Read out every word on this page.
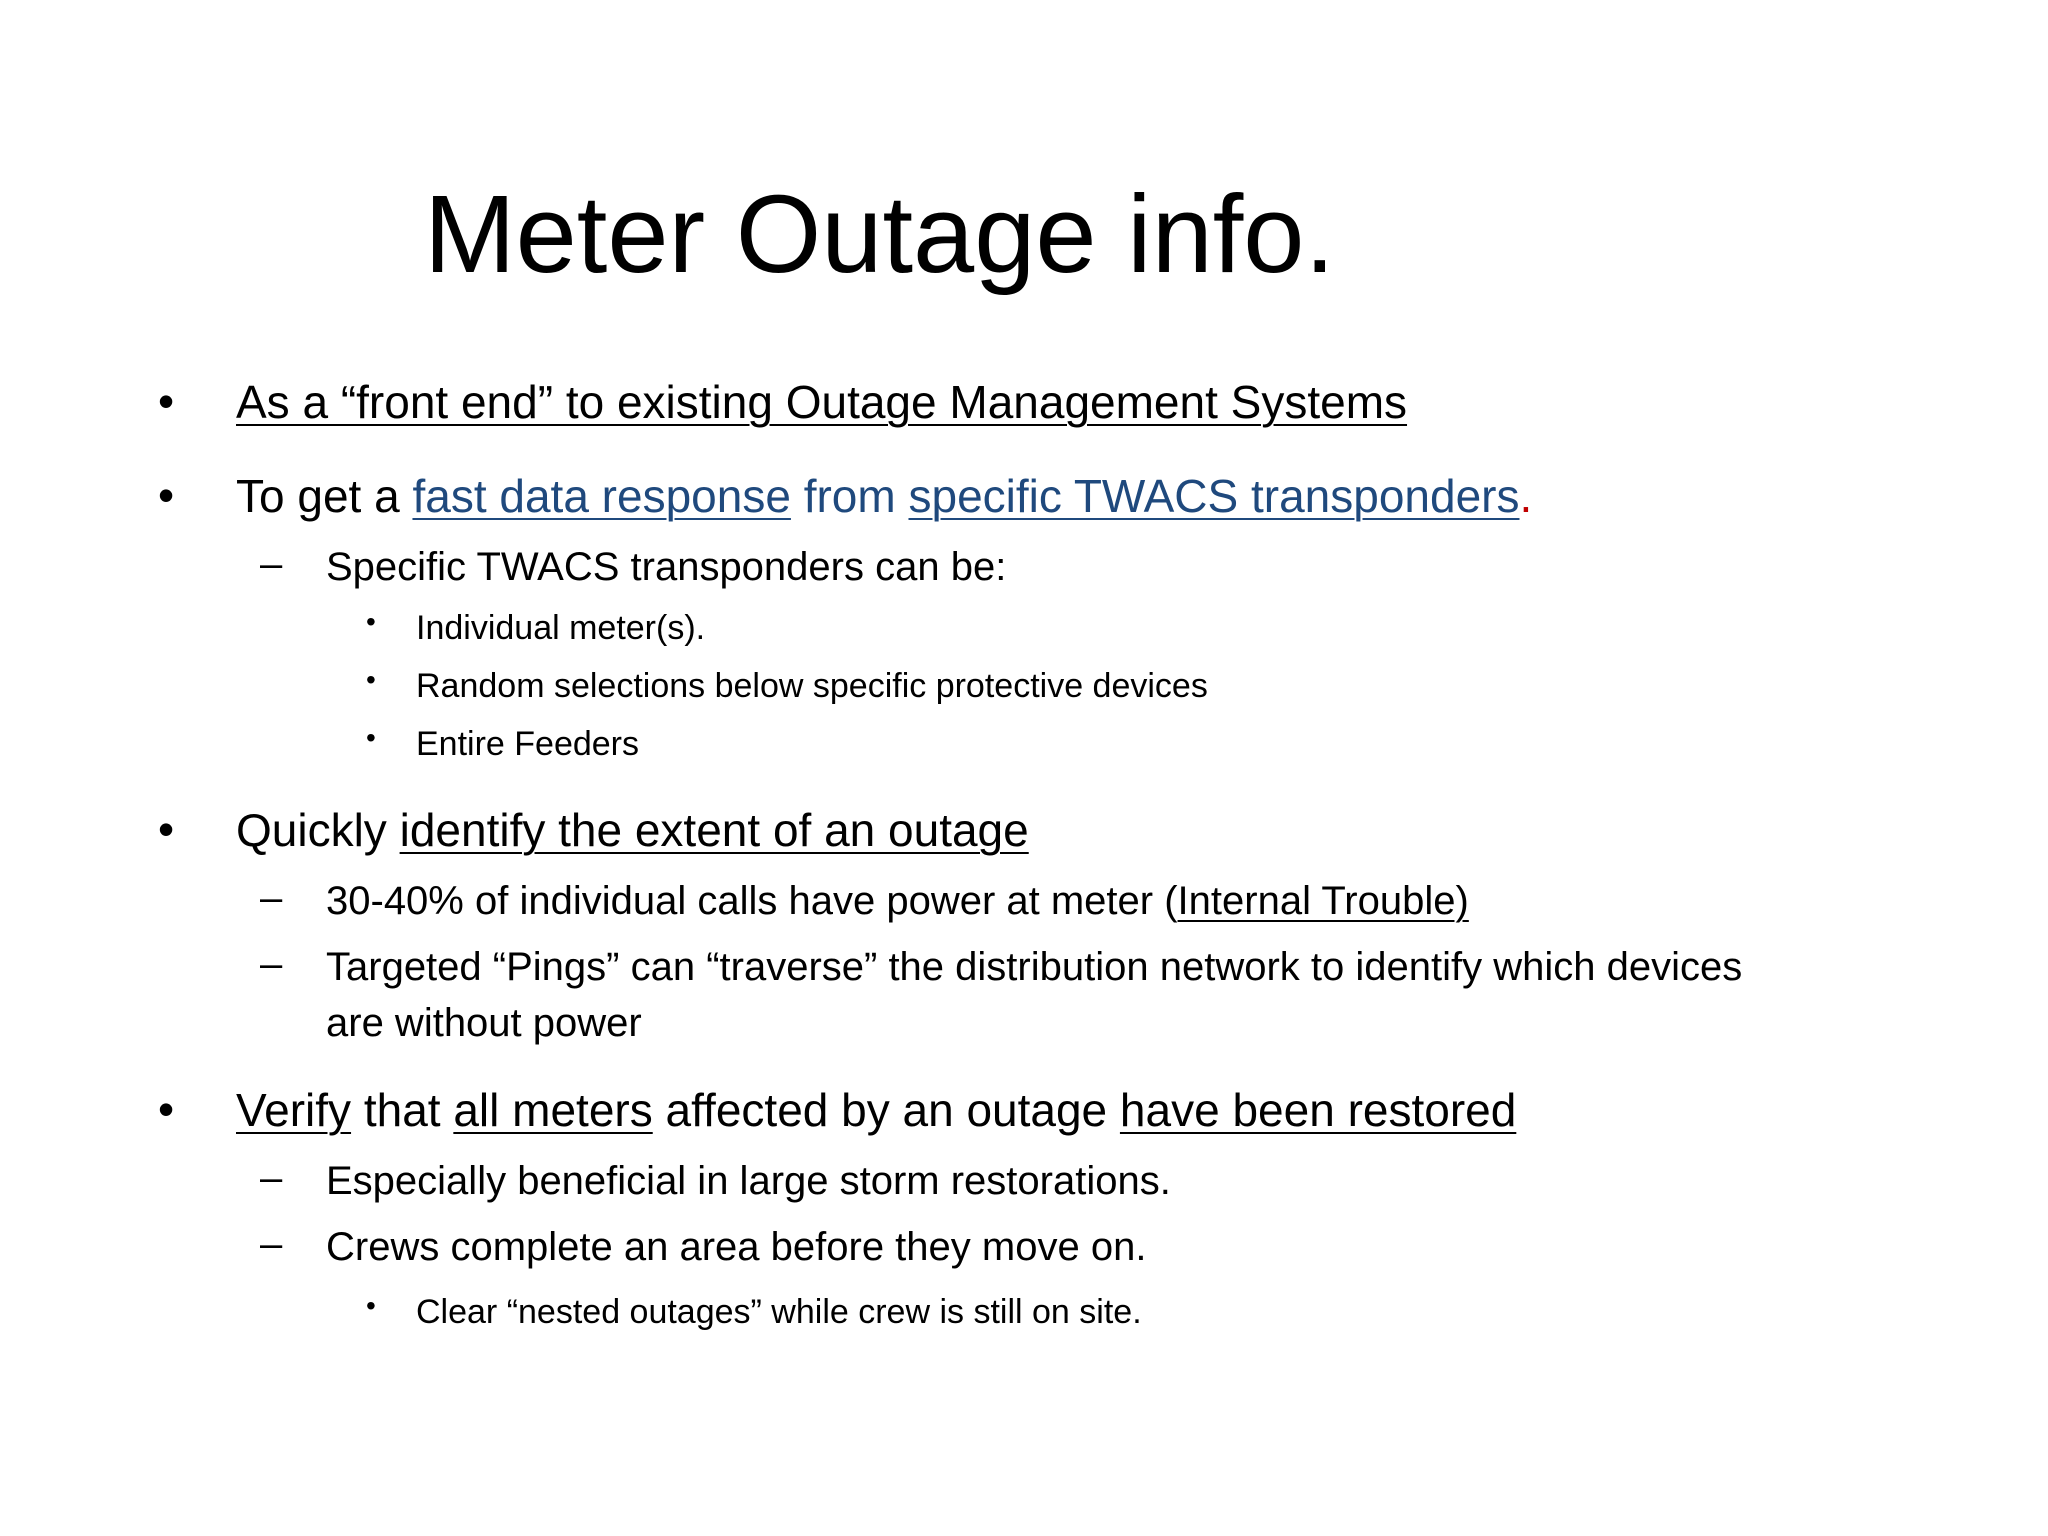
Meter Outage info.
• As a “front end” to existing Outage Management Systems
• To get a fast data response from specific TWACS transponders.
– Specific TWACS transponders can be:
• Individual meter(s).
• Random selections below specific protective devices
• Entire Feeders
• Quickly identify the extent of an outage
– 30-40% of individual calls have power at meter (Internal Trouble)
– Targeted “Pings” can “traverse” the distribution network to identify which devices
are without power
• Verify that all meters affected by an outage have been restored
– Especially beneficial in large storm restorations.
– Crews complete an area before they move on.
• Clear “nested outages” while crew is still on site.
